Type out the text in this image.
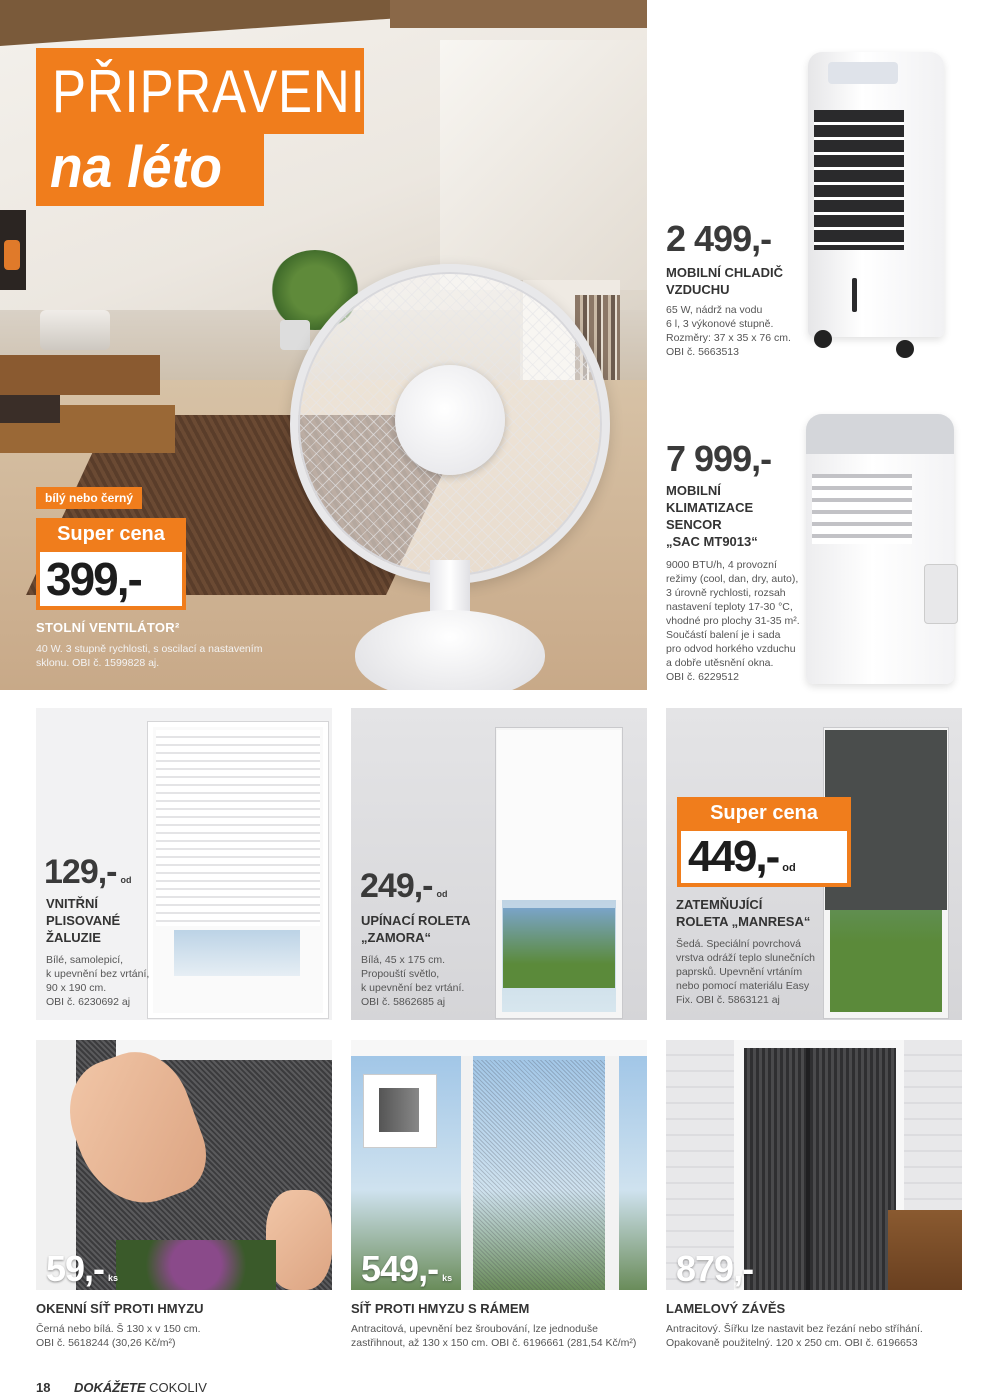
PŘIPRAVENI
na léto
bílý nebo černý
Super cena
399,-
STOLNÍ VENTILÁTOR²
40 W. 3 stupně rychlosti, s oscilací a nastavením sklonu. OBI č. 1599828 aj.
2 499,-
MOBILNÍ CHLADIČ
VZDUCHU
65 W, nádrž na vodu
6 l, 3 výkonové stupně.
Rozměry: 37 x 35 x 76 cm.
OBI č. 5663513
7 999,-
MOBILNÍ
KLIMATIZACE
SENCOR
„SAC MT9013“
9000 BTU/h, 4 provozní
režimy (cool, dan, dry, auto),
3 úrovně rychlosti, rozsah
nastavení teploty 17-30 °C,
vhodné pro plochy 31-35 m².
Součástí balení je i sada
pro odvod horkého vzduchu
a dobře utěsnění okna.
OBI č. 6229512
129,- od
VNITŘNÍ
PLISOVANÉ
ŽALUZIE
Bílé, samolepicí,
k upevnění bez vrtání,
90 x 190 cm.
OBI č. 6230692 aj
249,- od
UPÍNACÍ ROLETA
„ZAMORA“
Bílá, 45 x 175 cm.
Propouští světlo,
k upevnění bez vrtání.
OBI č. 5862685 aj
Super cena
449,- od
ZATEMŇUJÍCÍ
ROLETA „MANRESA“
Šedá. Speciální povrchová
vrstva odráží teplo slunečních
paprsků. Upevnění vrtáním
nebo pomocí materiálu Easy
Fix. OBI č. 5863121 aj
59,- ks
OKENNÍ SÍŤ PROTI HMYZU
Černá nebo bílá. Š 130 x v 150 cm.
OBI č. 5618244 (30,26 Kč/m²)
549,- ks
SÍŤ PROTI HMYZU S RÁMEM
Antracitová, upevnění bez šroubování, lze jednoduše
zastřihnout, až 130 x 150 cm. OBI č. 6196661 (281,54 Kč/m²)
879,-
LAMELOVÝ ZÁVĚS
Antracitový. Šířku lze nastavit bez řezání nebo stříhání.
Opakovaně použitelný. 120 x 250 cm. OBI č. 6196653
18 DOKÁŽETE COKOLIV
